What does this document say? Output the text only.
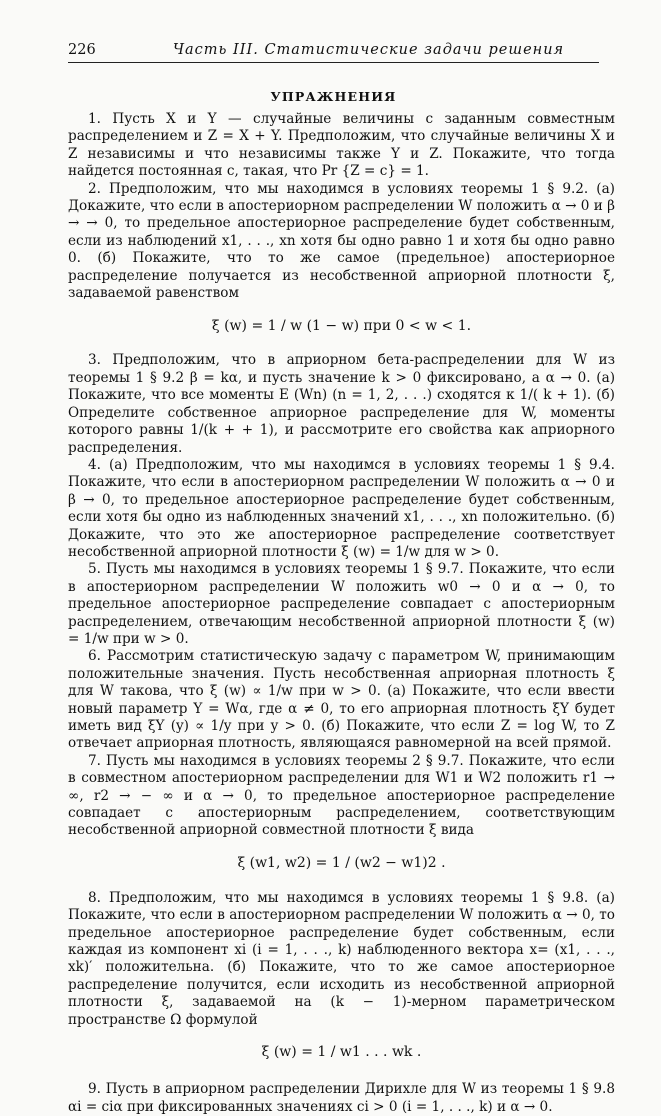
226	Часть III. Статистические задачи решения
УПРАЖНЕНИЯ

1. Пусть X и Y — случайные величины с заданным совместным распределением и Z = X + Y. Предположим, что случайные величины X и Z независимы и что независимы также Y и Z. Покажите, что тогда найдется постоянная c, такая, что Pr {Z = c} = 1.

2. Предположим, что мы находимся в условиях теоремы 1 § 9.2. (а) Докажите, что если в апостериорном распределении W положить α → 0 и β → → 0, то предельное апостериорное распределение будет собственным, если из наблюдений x1, . . ., xn хотя бы одно равно 1 и хотя бы одно равно 0. (б) Покажите, что то же самое (предельное) апостериорное распределение получается из несобственной априорной плотности ξ, задаваемой равенством

ξ (w) = 1 / w (1 − w) при 0 < w < 1.

3. Предположим, что в априорном бета-распределении для W из теоремы 1 § 9.2 β = kα, и пусть значение k > 0 фиксировано, а α → 0. (а) Покажите, что все моменты E (Wn) (n = 1, 2, . . .) сходятся к 1/( k + 1). (б) Определите собственное априорное распределение для W, моменты которого равны 1/(k + + 1), и рассмотрите его свойства как априорного распределения.

4. (а) Предположим, что мы находимся в условиях теоремы 1 § 9.4. Покажите, что если в апостериорном распределении W положить α → 0 и β → 0, то предельное апостериорное распределение будет собственным, если хотя бы одно из наблюденных значений x1, . . ., xn положительно. (б) Докажите, что это же апостериорное распределение соответствует несобственной априорной плотности ξ (w) = 1/w для w > 0.

5. Пусть мы находимся в условиях теоремы 1 § 9.7. Покажите, что если в апостериорном распределении W положить w0 → 0 и α → 0, то предельное апостериорное распределение совпадает с апостериорным распределением, отвечающим несобственной априорной плотности ξ (w) = 1/w при w > 0.

6. Рассмотрим статистическую задачу с параметром W, принимающим положительные значения. Пусть несобственная априорная плотность ξ для W такова, что ξ (w) ∝ 1/w при w > 0. (а) Покажите, что если ввести новый параметр Y = Wα, где α ≠ 0, то его априорная плотность ξY будет иметь вид ξY (y) ∝ 1/y при y > 0. (б) Покажите, что если Z = log W, то Z отвечает априорная плотность, являющаяся равномерной на всей прямой.

7. Пусть мы находимся в условиях теоремы 2 § 9.7. Покажите, что если в совместном апостериорном распределении для W1 и W2 положить r1 → ∞, r2 → − ∞ и α → 0, то предельное апостериорное распределение совпадает с апостериорным распределением, соответствующим несобственной априорной совместной плотности ξ вида

ξ (w1, w2) = 1 / (w2 − w1)2 .

8. Предположим, что мы находимся в условиях теоремы 1 § 9.8. (а) Покажите, что если в апостериорном распределении W положить α → 0, то предельное апостериорное распределение будет собственным, если каждая из компонент xi (i = 1, . . ., k) наблюденного вектора x= (x1, . . ., xk)′ положительна. (б) Покажите, что то же самое апостериорное распределение получится, если исходить из несобственной априорной плотности ξ, задаваемой на (k − 1)-мерном параметрическом пространстве Ω формулой

ξ (w) = 1 / w1 . . . wk .

9. Пусть в априорном распределении Дирихле для W из теоремы 1 § 9.8 αi = ciα при фиксированных значениях ci > 0 (i = 1, . . ., k) и α → 0.
